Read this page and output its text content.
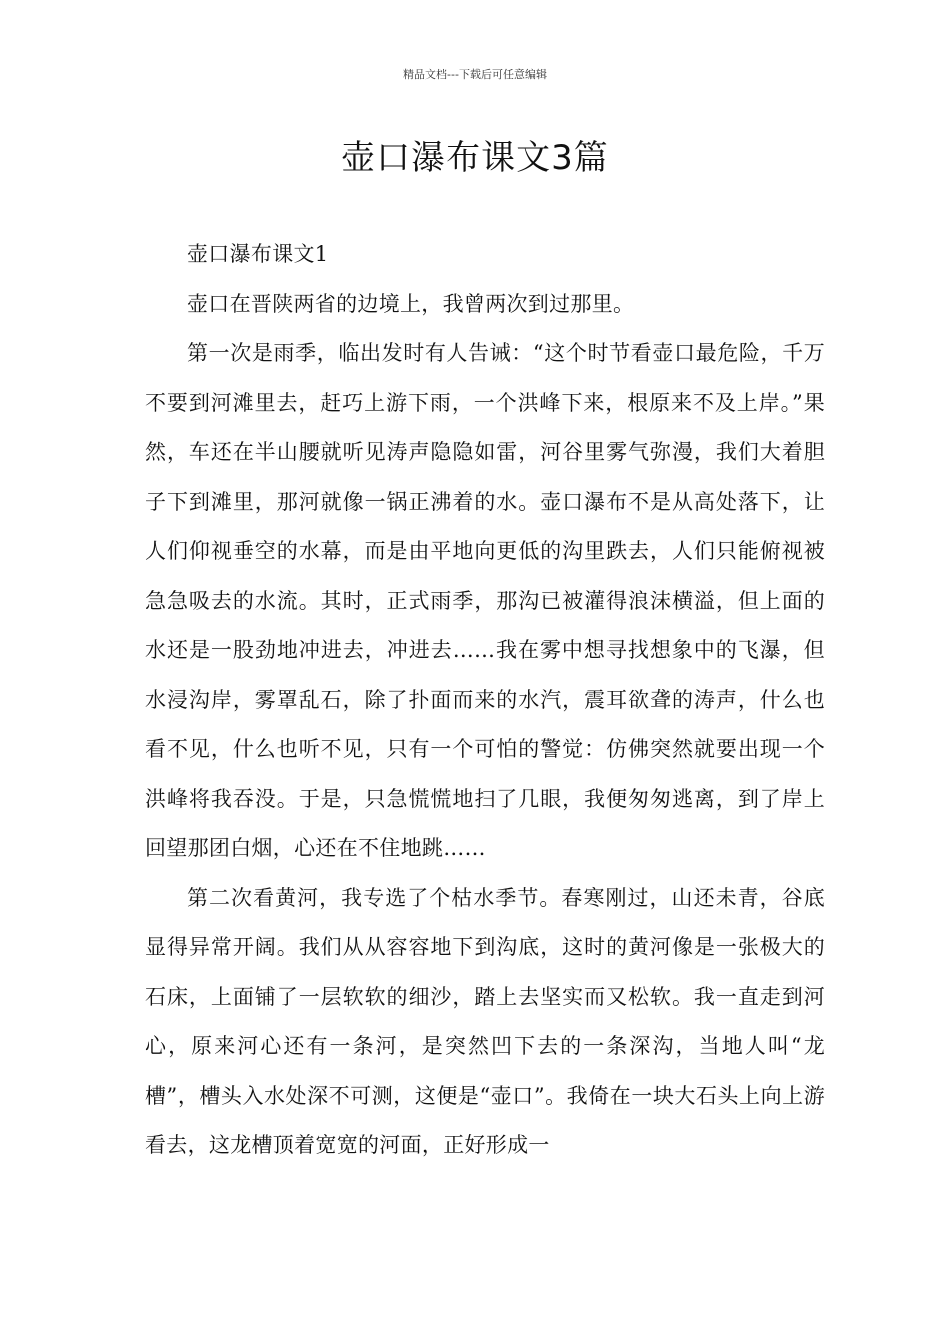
精品文档---下载后可任意编辑
壶口瀑布课文3篇

壶口瀑布课文1

壶口在晋陕两省的边境上，我曾两次到过那里。

第一次是雨季，临出发时有人告诫：“这个时节看壶口最危险，千万不要到河滩里去，赶巧上游下雨，一个洪峰下来，根原来不及上岸。”果然，车还在半山腰就听见涛声隐隐如雷，河谷里雾气弥漫，我们大着胆子下到滩里，那河就像一锅正沸着的水。壶口瀑布不是从高处落下，让人们仰视垂空的水幕，而是由平地向更低的沟里跌去，人们只能俯视被急急吸去的水流。其时，正式雨季，那沟已被灌得浪沫横溢，但上面的水还是一股劲地冲进去，冲进去……我在雾中想寻找想象中的飞瀑，但水浸沟岸，雾罩乱石，除了扑面而来的水汽，震耳欲聋的涛声，什么也看不见，什么也听不见，只有一个可怕的警觉：仿佛突然就要出现一个洪峰将我吞没。于是，只急慌慌地扫了几眼，我便匆匆逃离，到了岸上回望那团白烟，心还在不住地跳……

第二次看黄河，我专选了个枯水季节。春寒刚过，山还未青，谷底显得异常开阔。我们从从容容地下到沟底，这时的黄河像是一张极大的石床，上面铺了一层软软的细沙，踏上去坚实而又松软。我一直走到河心，原来河心还有一条河，是突然凹下去的一条深沟，当地人叫“龙槽”，槽头入水处深不可测，这便是“壶口”。我倚在一块大石头上向上游看去，这龙槽顶着宽宽的河面，正好形成一
